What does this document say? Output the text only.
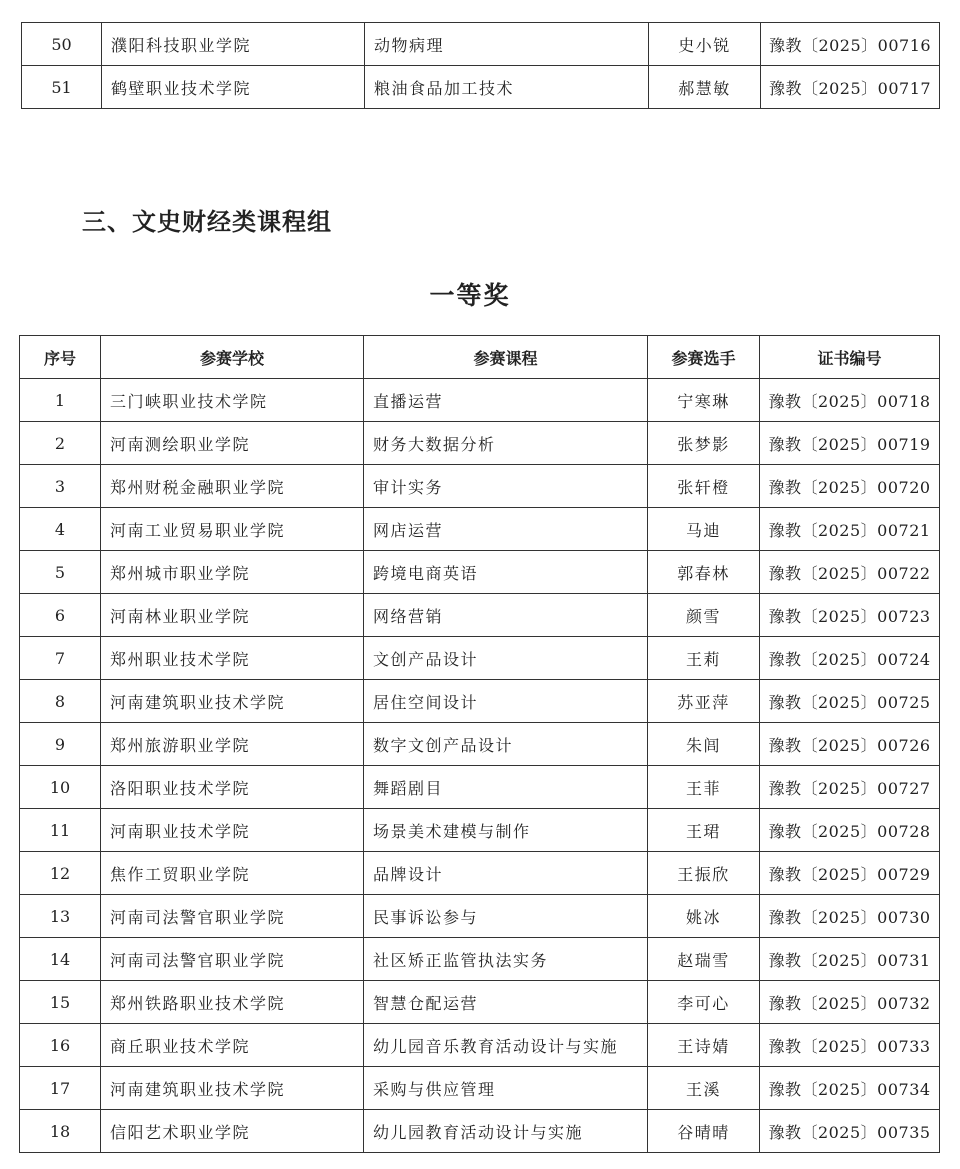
50	濮阳科技职业学院	动物病理	史小锐	豫教〔2025〕00716
51	鹤壁职业技术学院	粮油食品加工技术	郝慧敏	豫教〔2025〕00717
三、文史财经类课程组
一等奖
序号	参赛学校	参赛课程	参赛选手	证书编号
1	三门峡职业技术学院	直播运营	宁寒琳	豫教〔2025〕00718
2	河南测绘职业学院	财务大数据分析	张梦影	豫教〔2025〕00719
3	郑州财税金融职业学院	审计实务	张轩橙	豫教〔2025〕00720
4	河南工业贸易职业学院	网店运营	马迪	豫教〔2025〕00721
5	郑州城市职业学院	跨境电商英语	郭春林	豫教〔2025〕00722
6	河南林业职业学院	网络营销	颜雪	豫教〔2025〕00723
7	郑州职业技术学院	文创产品设计	王莉	豫教〔2025〕00724
8	河南建筑职业技术学院	居住空间设计	苏亚萍	豫教〔2025〕00725
9	郑州旅游职业学院	数字文创产品设计	朱闾	豫教〔2025〕00726
10	洛阳职业技术学院	舞蹈剧目	王菲	豫教〔2025〕00727
11	河南职业技术学院	场景美术建模与制作	王珺	豫教〔2025〕00728
12	焦作工贸职业学院	品牌设计	王振欣	豫教〔2025〕00729
13	河南司法警官职业学院	民事诉讼参与	姚冰	豫教〔2025〕00730
14	河南司法警官职业学院	社区矫正监管执法实务	赵瑞雪	豫教〔2025〕00731
15	郑州铁路职业技术学院	智慧仓配运营	李可心	豫教〔2025〕00732
16	商丘职业技术学院	幼儿园音乐教育活动设计与实施	王诗婧	豫教〔2025〕00733
17	河南建筑职业技术学院	采购与供应管理	王溪	豫教〔2025〕00734
18	信阳艺术职业学院	幼儿园教育活动设计与实施	谷晴晴	豫教〔2025〕00735
